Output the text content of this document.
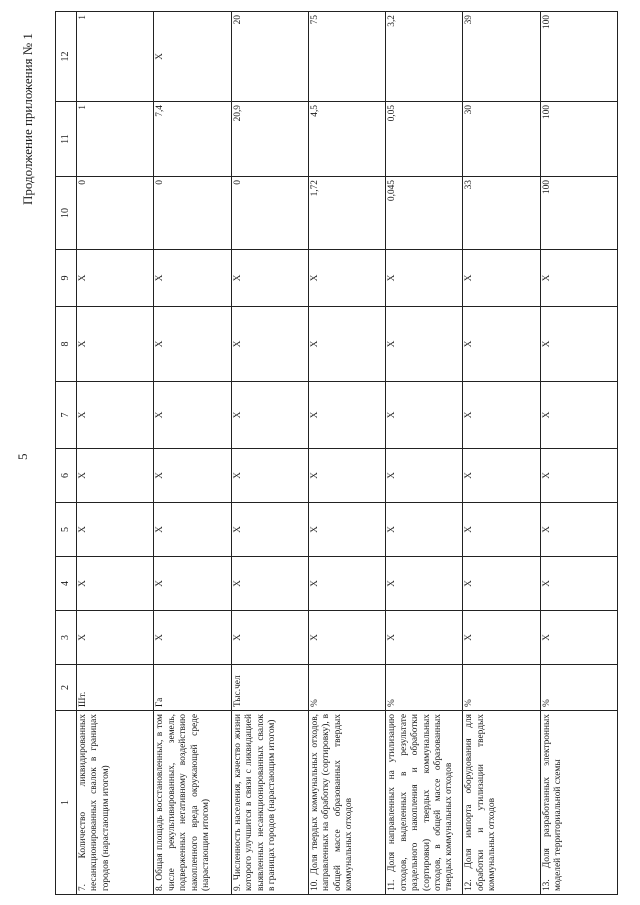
5
Продолжение приложения № 1
1	2	3	4	5	6	7	8	9	10	11	12
7. Количество ликвидированных несанкционированных свалок в границах городов (нарастающим итогом)	Шт.	X	X	X	X	X	X	X	0	1	1
8. Общая площадь восстановленных, в том числе рекультивированных, земель, подверженных негативному воздействию накопленного вреда окружающей среде (нарастающим итогом)	Га	X	X	X	X	X	X	X	0	7,4	X
9. Численность населения, качество жизни которого улучшится в связи с ликвидацией выявленных несанкционированных свалок в границах городов (нарастающим итогом)	Тыс.чел	X	X	X	X	X	X	X	0	20,9	20
10. Доля твердых коммунальных отходов, направленных на обработку (сортировку), в общей массе образованных твердых коммунальных отходов	%	X	X	X	X	X	X	X	1,72	4,5	75
11. Доля направленных на утилизацию отходов, выделенных в результате раздельного накопления и обработки (сортировки) твердых коммунальных отходов, в общей массе образованных твердых коммунальных отходов	%	X	X	X	X	X	X	X	0,045	0,05	3,2
12. Доля импорта оборудования для обработки и утилизации твердых коммунальных отходов	%	X	X	X	X	X	X	X	33	30	39
13. Доля разработанных электронных моделей территориальной схемы	%	X	X	X	X	X	X	X	100	100	100
